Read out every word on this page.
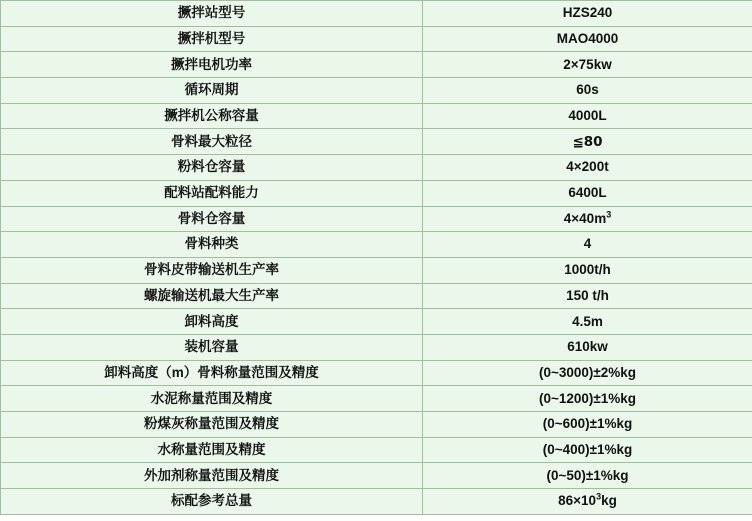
撅拌站型号	HZS240
撅拌机型号	MAO4000
撅拌电机功率	2×75kw
循环周期	60s
撅拌机公称容量	4000L
骨料最大粒径	≦80
粉料仓容量	4×200t
配料站配料能力	6400L
骨料仓容量	$4\times 40m^3$
骨料种类	4
骨料皮带输送机生产率	1000t/h
螺旋输送机最大生产率	150 t/h
卸料高度	4.5m
装机容量	610kw
卸料高度（m）骨料称量范围及精度	(0~3000)±2%kg
水泥称量范围及精度	(0~1200)±1%kg
粉煤灰称量范围及精度	(0~600)±1%kg
水称量范围及精度	(0~400)±1%kg
外加剂称量范围及精度	(0~50)±1%kg
标配参考总量	$86\times 10^3kg$
